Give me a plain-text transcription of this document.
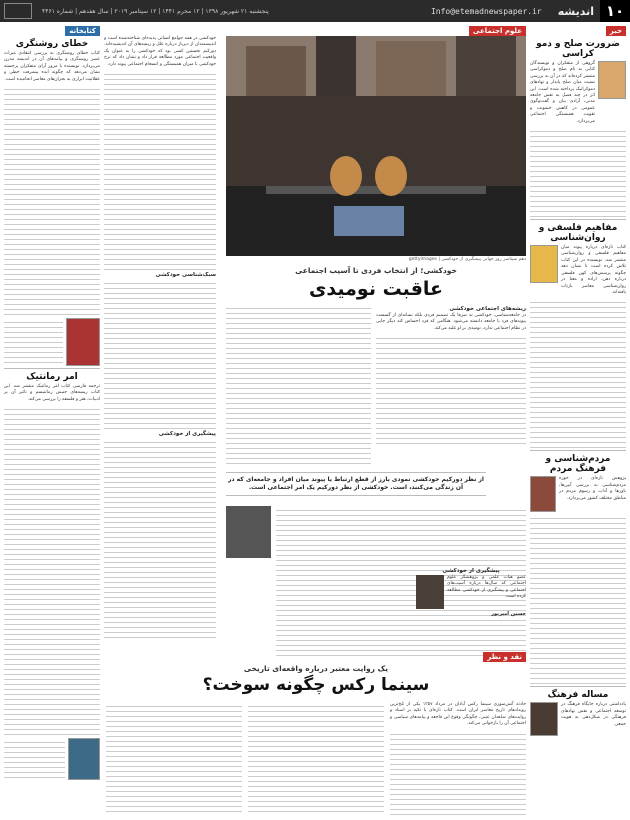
۱۰
اندیشه
Info@etemadnewspaper.ir
پنجشنبه ۲۱ شهریور ۱۳۹۸ | ۱۲ محرم ۱۴۴۱ | ۱۲ سپتامبر ۲۰۱۹ | سال هفدهم | شماره ۴۴۶۱
خبر
ضرورت صلح و دمو کراسی
گروهی از متفکران و نویسندگان کتابی به نام صلح و دموکراسی منتشر کرده‌اند که در آن به بررسی نسبت میان صلح پایدار و نهادهای دموکراتیک پرداخته شده است. این اثر در چند فصل به نقش جامعه مدنی، آزادی بیان و گفت‌وگوی عمومی در کاهش خشونت و تقویت همبستگی اجتماعی می‌پردازد.
مفاهیم فلسفی و روان‌شناسی
کتاب تازه‌ای درباره پیوند میان مفاهیم فلسفی و روان‌شناسی منتشر شد. نویسنده در این کتاب تلاش کرده است تا نشان دهد چگونه پرسش‌های کهن فلسفی درباره ذهن، اراده و معنا در روان‌شناسی معاصر بازتاب یافته‌اند.
مردم‌شناسی و فرهنگ مردم
پژوهش تازه‌ای در حوزه مردم‌شناسی به بررسی آیین‌ها، باورها و آداب و رسوم مردم در مناطق مختلف کشور می‌پردازد.
مساله فرهنگ
یادداشتی درباره جایگاه فرهنگ در توسعه اجتماعی و نقش نهادهای فرهنگی در شکل‌دهی به هویت جمعی.
کتابخانه
خطای روشنگری
کتاب خطای روشنگری به بررسی انتقادی میراث عصر روشنگری و پیامدهای آن در اندیشه مدرن می‌پردازد. نویسنده با مرور آرای متفکران برجسته نشان می‌دهد که چگونه ایده پیشرفت خطی و عقلانیت ابزاری به بحران‌های معاصر انجامیده است.
امر رمانتیک
ترجمه فارسی کتاب امر رمانتیک منتشر شد. این کتاب ریشه‌های جنبش رمانتیسم و تاثیر آن بر ادبیات، هنر و فلسفه را بررسی می‌کند.
علوم اجتماعی
دهم سپتامبر روز جهانی پیشگیری از خودکشی | gettyimages
خودکشی؛ از انتخاب فردی تا آسیب اجتماعی
عاقبت نومیدی
خودکشی در همه جوامع انسانی پدیده‌ای شناخته‌شده است و اندیشمندان از دیرباز درباره علل و ریشه‌های آن اندیشیده‌اند. دورکیم نخستین کسی بود که خودکشی را به عنوان یک واقعیت اجتماعی مورد مطالعه قرار داد و نشان داد که نرخ خودکشی با میزان همبستگی و انسجام اجتماعی پیوند دارد.
سبک‌شناسی خودکشی
پیشگیری از خودکشی
ریشه‌های اجتماعی خودکشی
در جامعه‌شناسی، خودکشی نه صرفا یک تصمیم فردی بلکه نشانه‌ای از گسست پیوندهای فرد با جامعه دانسته می‌شود. هنگامی که فرد احساس کند دیگر جایی در نظام اجتماعی ندارد، نومیدی بر او غلبه می‌کند.
از نظر دورکیم خودکشی نمودی بارز از قطع ارتباط یا پیوند میان افراد و جامعه‌ای که در آن زندگی می‌کنند، است. خودکشی از نظر دورکیم یک امر اجتماعی است.
پیشگیری از خودکشی
عضو هیات علمی و پژوهشگر علوم اجتماعی که سال‌ها درباره آسیب‌های اجتماعی و پیشگیری از خودکشی مطالعه کرده است.
حسین امیرپور
نقد و نظر
یک روایت معتبر درباره واقعه‌ای تاریخی
سینما رکس چگونه سوخت؟
حادثه آتش‌سوزی سینما رکس آبادان در مرداد ۱۳۵۷ یکی از تلخ‌ترین رویدادهای تاریخ معاصر ایران است. کتاب تازه‌ای با تکیه بر اسناد و روایت‌های شاهدان عینی، چگونگی وقوع این فاجعه و پیامدهای سیاسی و اجتماعی آن را بازخوانی می‌کند.
